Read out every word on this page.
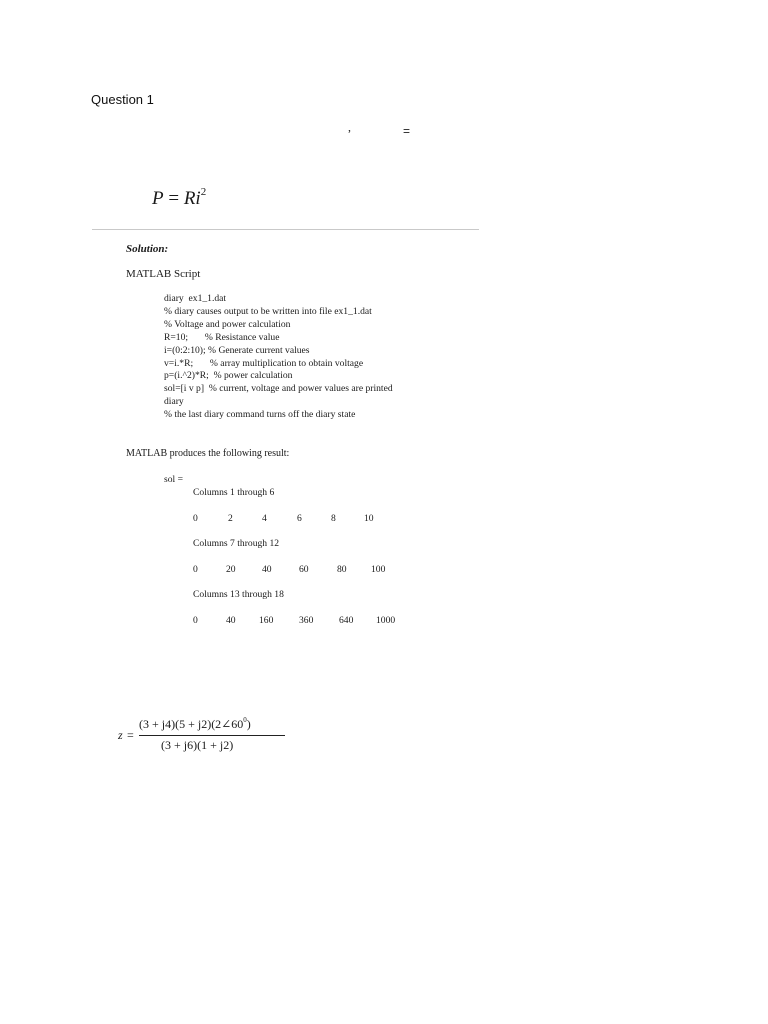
Question 1
,	=
$P = Ri^2$
Solution:
MATLAB Script
diary  ex1_1.dat
% diary causes output to be written into file ex1_1.dat
% Voltage and power calculation
R=10;       % Resistance value
i=(0:2:10); % Generate current values
v=i.*R;       % array multiplication to obtain voltage
p=(i.^2)*R;  % power calculation
sol=[i v p]  % current, voltage and power values are printed
diary
% the last diary command turns off the diary state
MATLAB produces the following result:
sol =
Columns 1 through 6
0	2	4	6	8	10
Columns 7 through 12
0	20	40	60	80	100
Columns 13 through 18
0	40 160	360	640 1000
z =
$(3 + j4)(5 + j2)(2\angle 60^0)$
(3 + j6)(1 + j2)
